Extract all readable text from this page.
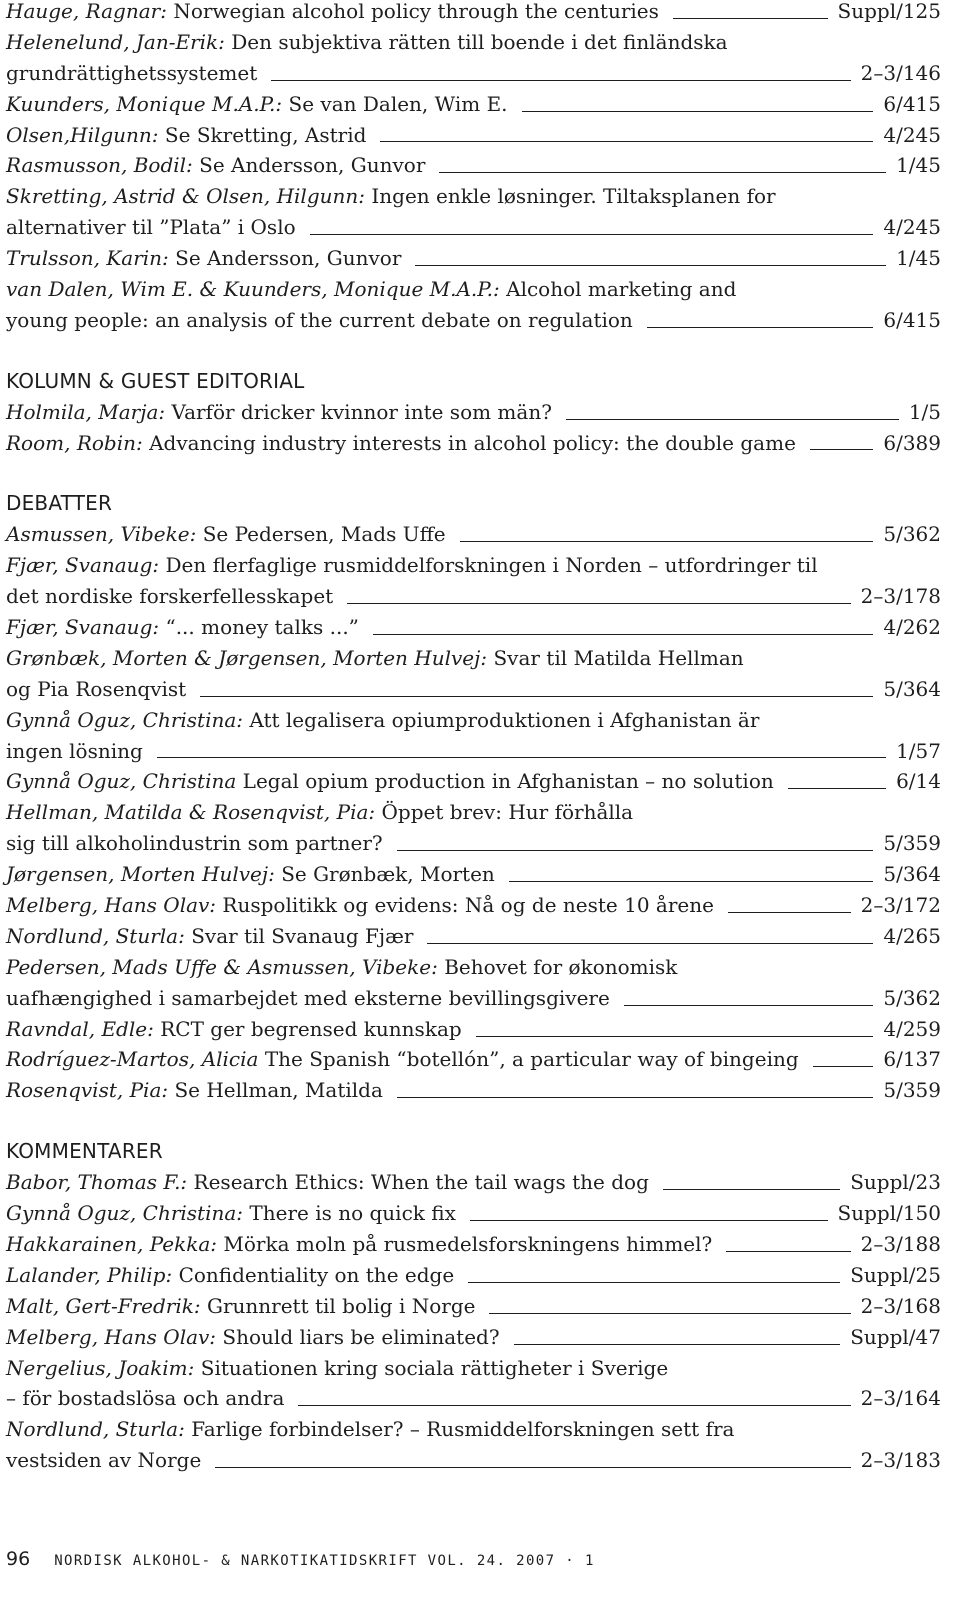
Hauge, Ragnar:
Norwegian alcohol policy through the centuries	Suppl/125
Helenelund, Jan-Erik:
Den subjektiva rätten till boende i det finländska
grundrättighetssystemet	2–3/146
Kuunders, Monique M.A.P.:
Se van Dalen, Wim E.	6/415
Olsen,Hilgunn:
Se Skretting, Astrid	4/245
Rasmusson, Bodil:
Se Andersson, Gunvor	1/45
Skretting, Astrid & Olsen, Hilgunn:
Ingen enkle løsninger. Tiltaksplanen for
alternativer til ”Plata” i Oslo	4/245
Trulsson, Karin:
Se Andersson, Gunvor	1/45
van Dalen, Wim E. & Kuunders, Monique M.A.P.:
Alcohol marketing and
young people: an analysis of the current debate on regulation	6/415
KOLUMN & GUEST EDITORIAL
Holmila, Marja:
Varför dricker kvinnor inte som män?	1/5
Room, Robin:
Advancing industry interests in alcohol policy: the double game	6/389
DEBATTER
Asmussen, Vibeke:
Se Pedersen, Mads Uffe	5/362
Fjær, Svanaug:
Den flerfaglige rusmiddelforskningen i Norden – utfordringer til
det nordiske forskerfellesskapet	2–3/178
Fjær, Svanaug:
“... money talks ...”	4/262
Grønbæk, Morten & Jørgensen, Morten Hulvej:
Svar til Matilda Hellman
og Pia Rosenqvist	5/364
Gynnå Oguz, Christina:
Att legalisera opiumproduktionen i Afghanistan är
ingen lösning	1/57
Gynnå Oguz, Christina
Legal opium production in Afghanistan – no solution	6/14
Hellman, Matilda & Rosenqvist, Pia:
Öppet brev: Hur förhålla
sig till alkoholindustrin som partner?	5/359
Jørgensen, Morten Hulvej:
Se Grønbæk, Morten	5/364
Melberg, Hans Olav:
Ruspolitikk og evidens: Nå og de neste 10 årene	2–3/172
Nordlund, Sturla:
Svar til Svanaug Fjær	4/265
Pedersen, Mads Uffe & Asmussen, Vibeke:
Behovet for økonomisk
uafhængighed i samarbejdet med eksterne bevillingsgivere	5/362
Ravndal, Edle:
RCT ger begrensed kunnskap	4/259
Rodríguez-Martos, Alicia
The Spanish “botellón”, a particular way of bingeing	6/137
Rosenqvist, Pia:
Se Hellman, Matilda	5/359
KOMMENTARER
Babor, Thomas F.:
Research Ethics: When the tail wags the dog	Suppl/23
Gynnå Oguz, Christina:
There is no quick fix	Suppl/150
Hakkarainen, Pekka:
Mörka moln på rusmedelsforskningens himmel?	2–3/188
Lalander, Philip:
Confidentiality on the edge	Suppl/25
Malt, Gert-Fredrik:
Grunnrett til bolig i Norge	2–3/168
Melberg, Hans Olav:
Should liars be eliminated?	Suppl/47
Nergelius, Joakim:
Situationen kring sociala rättigheter i Sverige
– för bostadslösa och andra	2–3/164
Nordlund, Sturla:
Farlige forbindelser? – Rusmiddelforskningen sett fra
vestsiden av Norge	2–3/183
96 NORDISK ALKOHOL- & NARKOTIKATIDSKRIFT VOL. 24. 2007 · 1
